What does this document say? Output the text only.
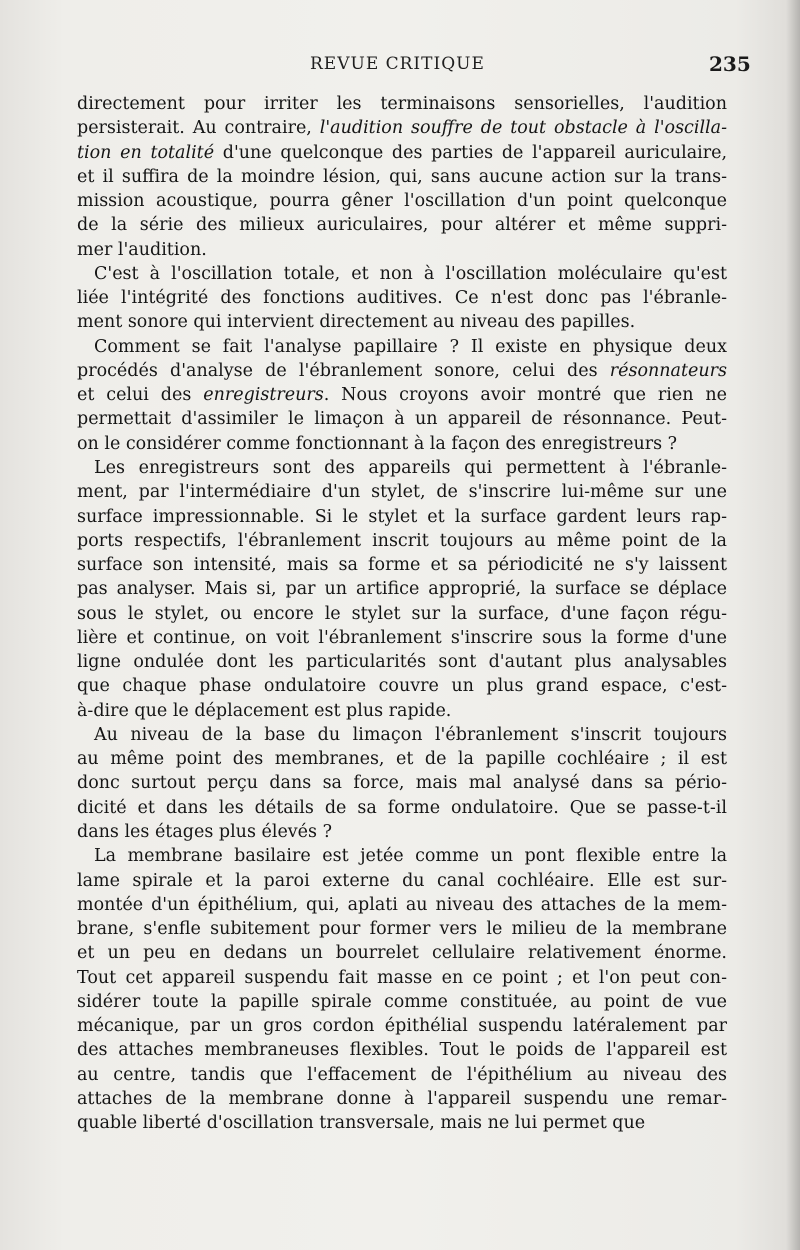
REVUE CRITIQUE	235
directement pour irriter les terminaisons sensorielles, l'audition
persisterait. Au contraire, l'audition souffre de tout obstacle à l'oscilla-
tion en totalité d'une quelconque des parties de l'appareil auriculaire,
et il suffira de la moindre lésion, qui, sans aucune action sur la trans-
mission acoustique, pourra gêner l'oscillation d'un point quelconque
de la série des milieux auriculaires, pour altérer et même suppri-
mer l'audition.
C'est à l'oscillation totale, et non à l'oscillation moléculaire qu'est
liée l'intégrité des fonctions auditives. Ce n'est donc pas l'ébranle-
ment sonore qui intervient directement au niveau des papilles.
Comment se fait l'analyse papillaire ? Il existe en physique deux
procédés d'analyse de l'ébranlement sonore, celui des résonnateurs
et celui des enregistreurs. Nous croyons avoir montré que rien ne
permettait d'assimiler le limaçon à un appareil de résonnance. Peut-
on le considérer comme fonctionnant à la façon des enregistreurs ?
Les enregistreurs sont des appareils qui permettent à l'ébranle-
ment, par l'intermédiaire d'un stylet, de s'inscrire lui-même sur une
surface impressionnable. Si le stylet et la surface gardent leurs rap-
ports respectifs, l'ébranlement inscrit toujours au même point de la
surface son intensité, mais sa forme et sa périodicité ne s'y laissent
pas analyser. Mais si, par un artifice approprié, la surface se déplace
sous le stylet, ou encore le stylet sur la surface, d'une façon régu-
lière et continue, on voit l'ébranlement s'inscrire sous la forme d'une
ligne ondulée dont les particularités sont d'autant plus analysables
que chaque phase ondulatoire couvre un plus grand espace, c'est-
à-dire que le déplacement est plus rapide.
Au niveau de la base du limaçon l'ébranlement s'inscrit toujours
au même point des membranes, et de la papille cochléaire ; il est
donc surtout perçu dans sa force, mais mal analysé dans sa pério-
dicité et dans les détails de sa forme ondulatoire. Que se passe-t-il
dans les étages plus élevés ?
La membrane basilaire est jetée comme un pont flexible entre la
lame spirale et la paroi externe du canal cochléaire. Elle est sur-
montée d'un épithélium, qui, aplati au niveau des attaches de la mem-
brane, s'enfle subitement pour former vers le milieu de la membrane
et un peu en dedans un bourrelet cellulaire relativement énorme.
Tout cet appareil suspendu fait masse en ce point ; et l'on peut con-
sidérer toute la papille spirale comme constituée, au point de vue
mécanique, par un gros cordon épithélial suspendu latéralement par
des attaches membraneuses flexibles. Tout le poids de l'appareil est
au centre, tandis que l'effacement de l'épithélium au niveau des
attaches de la membrane donne à l'appareil suspendu une remar-
quable liberté d'oscillation transversale, mais ne lui permet que
